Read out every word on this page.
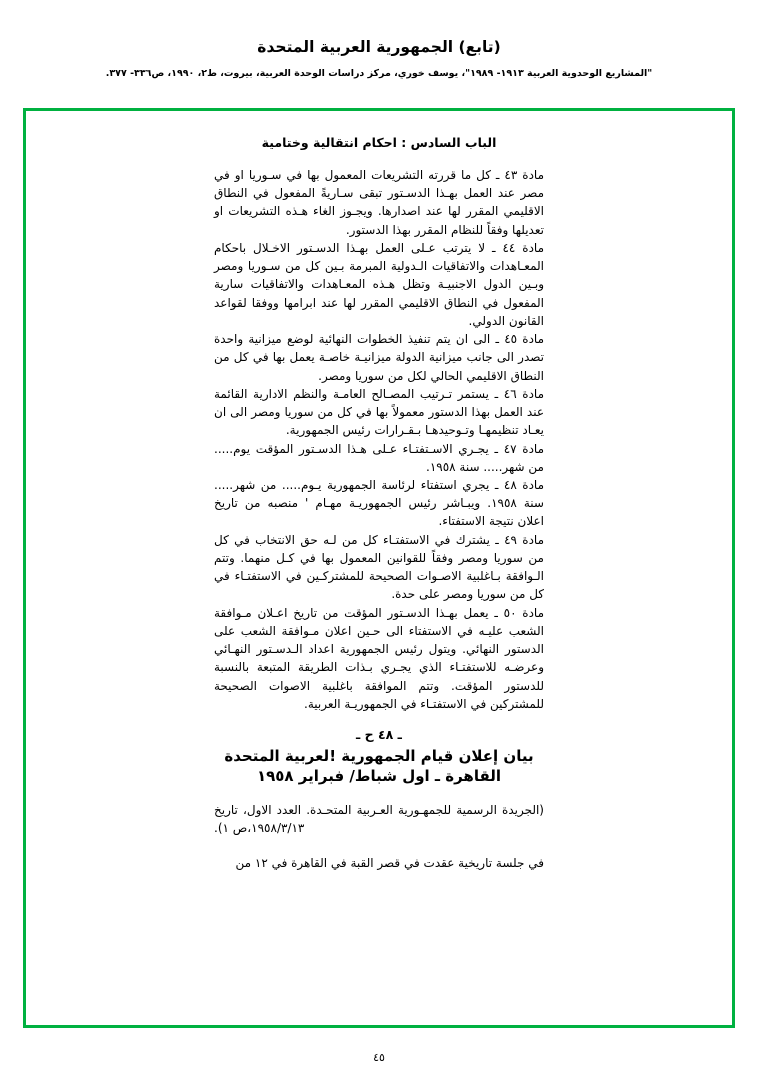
(تابع) الجمهورية العربية المتحدة
"المشاريع الوحدوية العربية ١٩١٣- ١٩٨٩"، يوسف خوري، مركز دراسات الوحدة العربية، بيروت، ط٢، ١٩٩٠، ص٣٣٦- ٣٧٧.
الباب السادس : احكام انتقالية وختامية

مادة ٤٣ ـ كل ما قررته التشريعات المعمول بها في سـوريا او في مصر عند العمل بهـذا الدسـتور تبقى سـاريةً المفعول في النطاق الاقليمي المقرر لها عند اصدارها. ويجـوز الغاء هـذه التشريعات او تعديلها وفقاً للنظام المقرر بهذا الدستور.

مادة ٤٤ ـ لا يترتب عـلى العمل بهـذا الدسـتور الاخـلال باحكام المعـاهدات والاتفاقيات الـدولية المبرمة بـين كل من سـوريا ومصر وبـين الدول الاجنبيـة وتظل هـذه المعـاهدات والاتفاقيات سارية المفعول في النطاق الاقليمي المقرر لها عند ابرامها ووفقا لقواعد القانون الدولي.

مادة ٤٥ ـ الى ان يتم تنفيذ الخطوات النهائية لوضع ميزانية واحدة تصدر الى جانب ميزانية الدولة ميزانيـة خاصـة يعمل بها في كل من النطاق الاقليمي الحالي لكل من سوريا ومصر.

مادة ٤٦ ـ يستمر تـرتيب المصـالح العامـة والنظم الادارية القائمة عند العمل بهذا الدستور معمولاً بها في كل من سوريا ومصر الى ان يعـاد تنظيمهـا وتـوحيدهـا بـقـرارات رئيس الجمهورية.

مادة ٤٧ ـ يجـري الاسـتفتـاء عـلى هـذا الدسـتور المؤقت يوم..... من شهر..... سنة ١٩٥٨.

مادة ٤٨ ـ يجري استفتاء لرئاسة الجمهورية يـوم..... من شهر..... سنة ١٩٥٨. ويبـاشر رئيس الجمهوريـة مهـام ' منصبه من تاريخ اعلان نتيجة الاستفتاء.

مادة ٤٩ ـ يشترك في الاستفتـاء كل من لـه حق الانتخاب في كل من سوريا ومصر وفقاً للقوانين المعمول بها في كـل منهما. وتتم الـوافقة بـاغلبية الاصـوات الصحيحة للمشتركـين في الاستفتـاء في كل من سوريا ومصر على حدة.

مادة ٥٠ ـ يعمل بهـذا الدسـتور المؤقت من تاريخ اعـلان مـوافقة الشعب عليـه في الاستفتاء الى حـين اعلان مـوافقة الشعب على الدستور النهائي. ويتول رئيس الجمهورية اعداد الـدسـتور النهـائي وعرضـه للاستفتـاء الذي يجـري بـذات الطريقة المتبعة بالنسبة للدستور المؤقت. وتتم الموافقة باغلبية الاصوات الصحيحة للمشتركين في الاستفتـاء في الجمهوريـة العربية.

ـ ٤٨ ح ـ
بيان إعلان قيام الجمهورية !لعربية المتحدة
القاهرة ـ اول شباط/ فبراير ١٩٥٨
(الجريدة الرسمية للجمهـورية العـربية المتحـدة. العدد الاول، تاريخ ١٩٥٨/٣/١٣،ص ١).
في جلسة تاريخية عقدت في قصر القبة في القاهرة في ١٢ من
٤٥
